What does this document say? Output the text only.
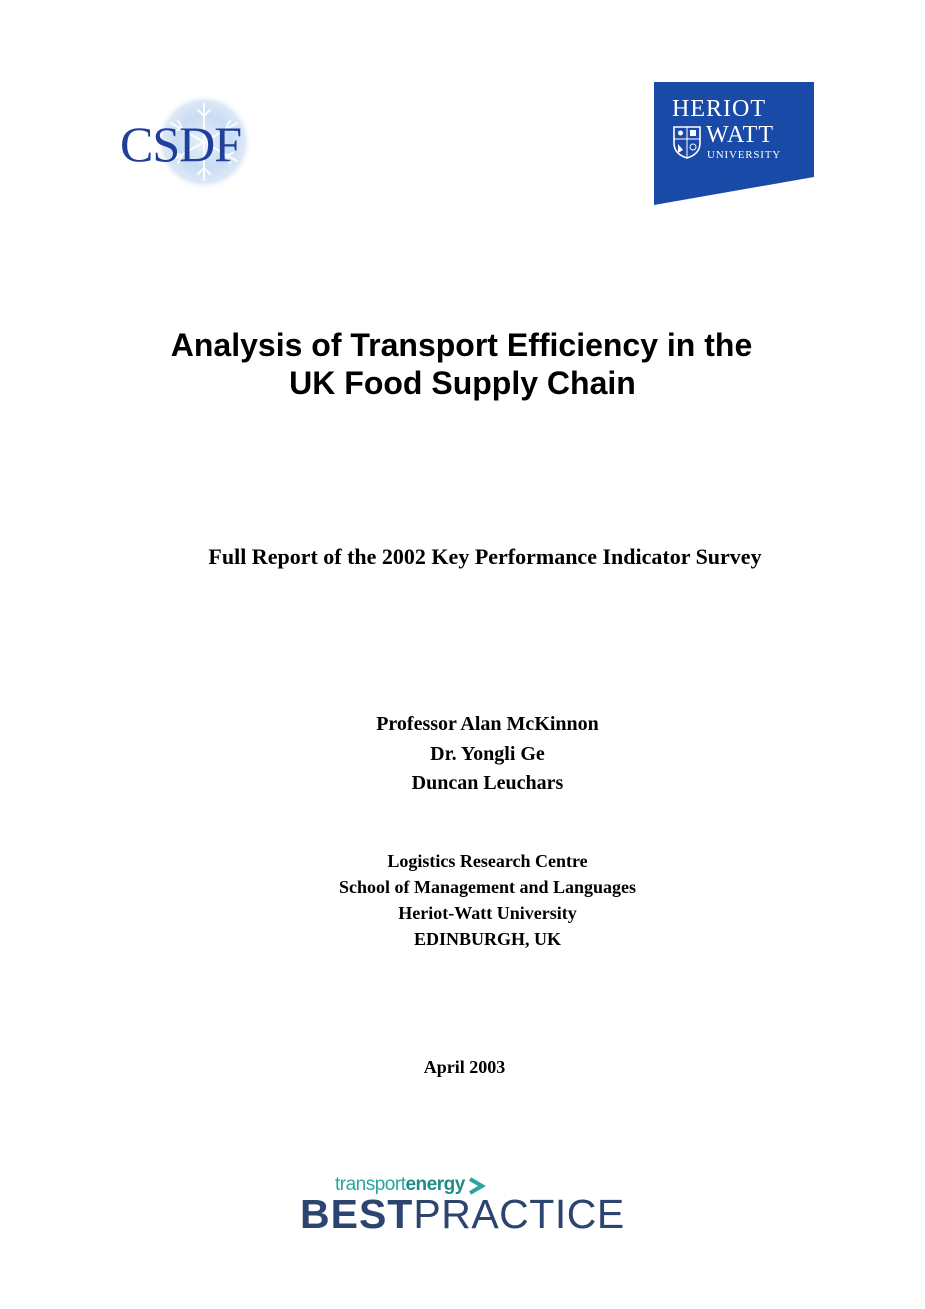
CSDF
HERIOT
WATT
UNIVERSITY
Analysis of Transport Efficiency in the
UK Food Supply Chain
Full Report of the 2002 Key Performance Indicator Survey
Professor Alan McKinnon
Dr. Yongli Ge
Duncan Leuchars
Logistics Research Centre
School of Management and Languages
Heriot-Watt University
EDINBURGH, UK
April 2003
transportenergy
BESTPRACTICE
